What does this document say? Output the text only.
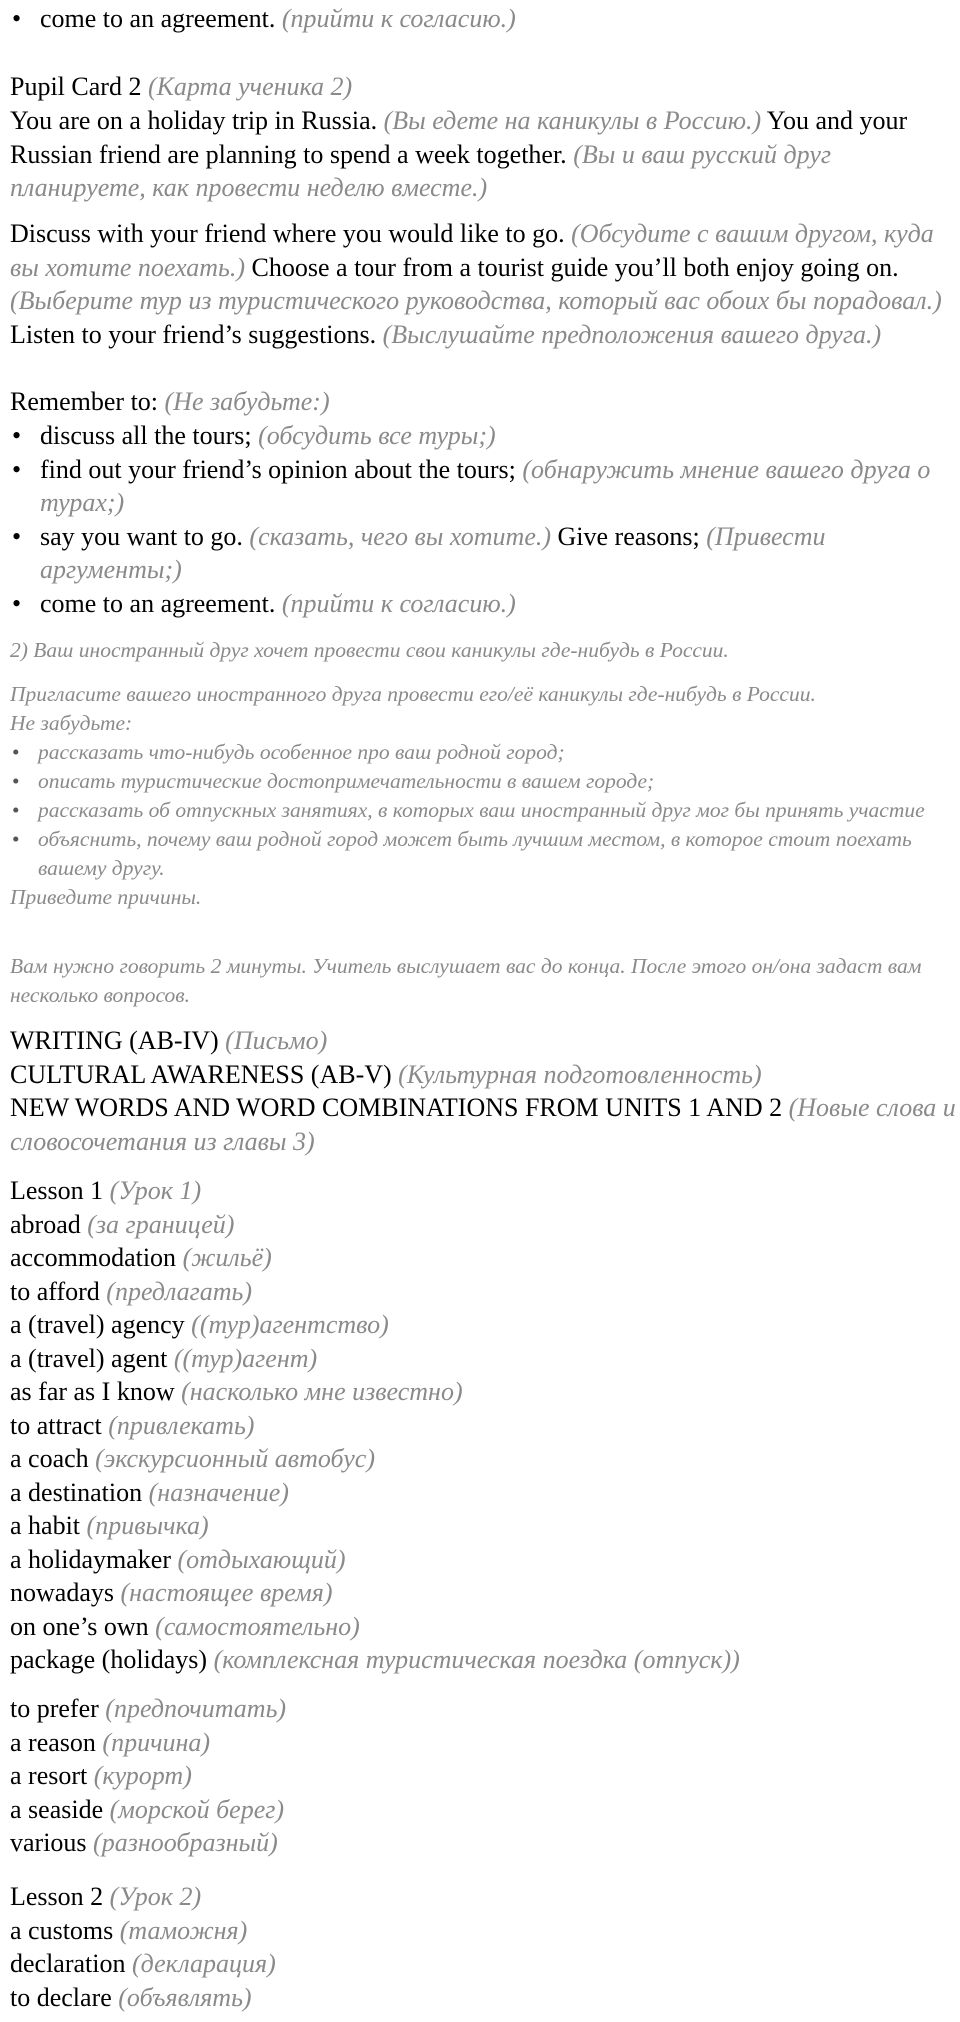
• come to an agreement. (прийти к согласию.)
Pupil Card 2 (Карта ученика 2)
You are on a holiday trip in Russia. (Вы едете на каникулы в Россию.) You and your Russian friend are planning to spend a week together. (Вы и ваш русский друг планируете, как провести неделю вместе.)
Discuss with your friend where you would like to go. (Обсудите с вашим другом, куда вы хотите поехать.) Choose a tour from a tourist guide you’ll both enjoy going on. (Выберите тур из туристического руководства, который вас обоих бы порадовал.) Listen to your friend’s suggestions. (Выслушайте предположения вашего друга.)
Remember to: (Не забудьте:)
• discuss all the tours; (обсудить все туры;)
• find out your friend’s opinion about the tours; (обнаружить мнение вашего друга о турах;)
• say you want to go. (сказать, чего вы хотите.) Give reasons; (Привести аргументы;)
• come to an agreement. (прийти к согласию.)
2) Ваш иностранный друг хочет провести свои каникулы где-нибудь в России.
Пригласите вашего иностранного друга провести его/её каникулы где-нибудь в России.
Не забудьте:
• рассказать что-нибудь особенное про ваш родной город;
• описать туристические достопримечательности в вашем городе;
• рассказать об отпускных занятиях, в которых ваш иностранный друг мог бы принять участие
• объяснить, почему ваш родной город может быть лучшим местом, в которое стоит поехать вашему другу.
Приведите причины.
Вам нужно говорить 2 минуты. Учитель выслушает вас до конца. После этого он/она задаст вам несколько вопросов.
WRITING (AB-IV) (Письмо)
CULTURAL AWARENESS (AB-V) (Культурная подготовленность)
NEW WORDS AND WORD COMBINATIONS FROM UNITS 1 AND 2 (Новые слова и словосочетания из главы 3)
Lesson 1 (Урок 1)
abroad (за границей)
accommodation (жильё)
to afford (предлагать)
a (travel) agency ((тур)агентство)
a (travel) agent ((тур)агент)
as far as I know (насколько мне известно)
to attract (привлекать)
a coach (экскурсионный автобус)
a destination (назначение)
a habit (привычка)
a holidaymaker (отдыхающий)
nowadays (настоящее время)
on one’s own (самостоятельно)
package (holidays) (комплексная туристическая поездка (отпуск))
to prefer (предпочитать)
a reason (причина)
a resort (курорт)
a seaside (морской берег)
various (разнообразный)
Lesson 2 (Урок 2)
a customs (таможня)
declaration (декларация)
to declare (объявлять)
